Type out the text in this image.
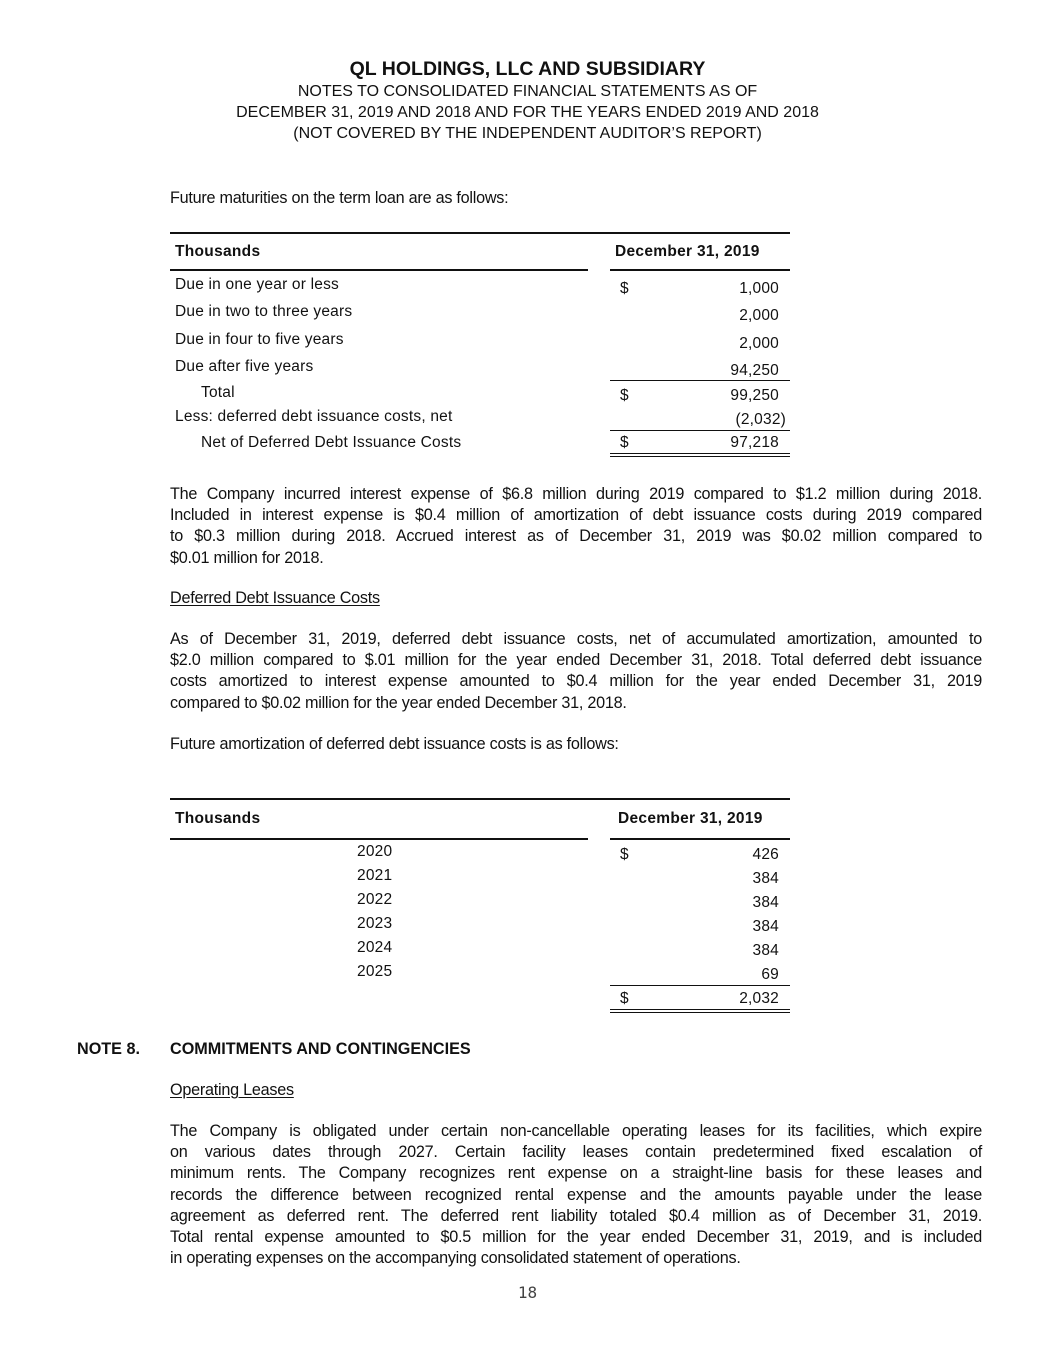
QL HOLDINGS, LLC AND SUBSIDIARY
NOTES TO CONSOLIDATED FINANCIAL STATEMENTS AS OF
DECEMBER 31, 2019 AND 2018 AND FOR THE YEARS ENDED 2019 AND 2018
(NOT COVERED BY THE INDEPENDENT AUDITOR’S REPORT)
Future maturities on the term loan are as follows:
Thousands	December 31, 2019
Due in one year or less	$	1,000
Due in two to three years	2,000
Due in four to five years	2,000
Due after five years	94,250
Total	$	99,250
Less: deferred debt issuance costs, net	(2,032)
Net of Deferred Debt Issuance Costs	$	97,218
The Company incurred interest expense of $6.8 million during 2019 compared to $1.2 million during 2018.
Included in interest expense is $0.4 million of amortization of debt issuance costs during 2019 compared
to $0.3 million during 2018. Accrued interest as of December 31, 2019 was $0.02 million compared to
$0.01 million for 2018.
Deferred Debt Issuance Costs
As of December 31, 2019, deferred debt issuance costs, net of accumulated amortization, amounted to
$2.0 million compared to $.01 million for the year ended December 31, 2018. Total deferred debt issuance
costs amortized to interest expense amounted to $0.4 million for the year ended December 31, 2019
compared to $0.02 million for the year ended December 31, 2018.
Future amortization of deferred debt issuance costs is as follows:
Thousands	December 31, 2019
2020	$	426
2021	384
2022	384
2023	384
2024	384
2025	69
$	2,032
NOTE 8. COMMITMENTS AND CONTINGENCIES
Operating Leases
The Company is obligated under certain non-cancellable operating leases for its facilities, which expire
on various dates through 2027. Certain facility leases contain predetermined fixed escalation of
minimum rents. The Company recognizes rent expense on a straight-line basis for these leases and
records the difference between recognized rental expense and the amounts payable under the lease
agreement as deferred rent. The deferred rent liability totaled $0.4 million as of December 31, 2019.
Total rental expense amounted to $0.5 million for the year ended December 31, 2019, and is included
in operating expenses on the accompanying consolidated statement of operations.
18
